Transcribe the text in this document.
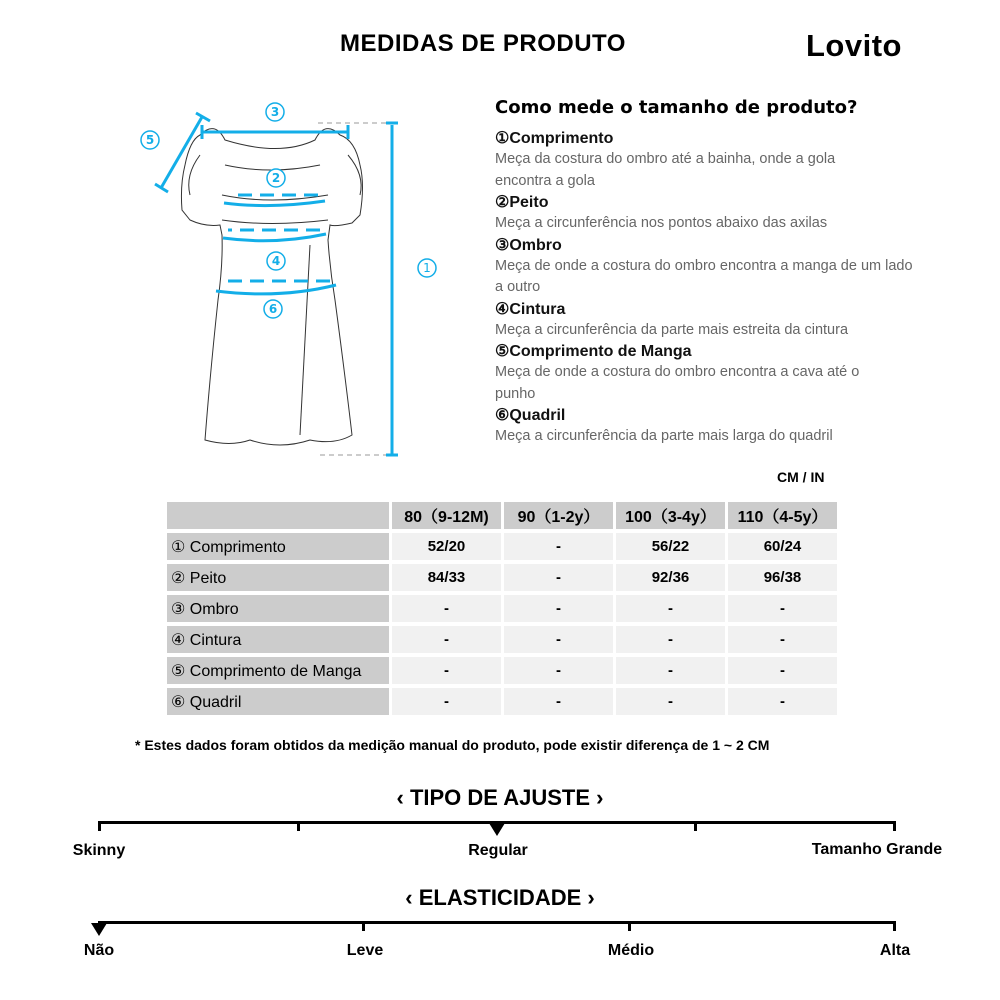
MEDIDAS DE PRODUTO	Lovito
3
5
2
4
6
1
Como mede o tamanho de produto?
①Comprimento
Meça da costura do ombro até a bainha, onde a gola encontra a gola
②Peito
Meça a circunferência nos pontos abaixo das axilas
③Ombro
Meça de onde a costura do ombro encontra a manga de um lado a outro
④Cintura
Meça a circunferência da parte mais estreita da cintura
⑤Comprimento de Manga
Meça de onde a costura do ombro encontra a cava até o punho
⑥Quadril
Meça a circunferência da parte mais larga do quadril
CM / IN
	80（9-12M)	90（1-2y）	100（3-4y）	110（4-5y）
① Comprimento	52/20	-	56/22	60/24
② Peito	84/33	-	92/36	96/38
③ Ombro	-	-	-	-
④ Cintura	-	-	-	-
⑤ Comprimento de Manga	-	-	-	-
⑥ Quadril	-	-	-	-
* Estes dados foram obtidos da medição manual do produto, pode existir diferença de 1 ~ 2 CM
‹ TIPO DE AJUSTE ›
Skinny	Regular	Tamanho Grande
‹ ELASTICIDADE ›
Não	Leve	Médio	Alta
